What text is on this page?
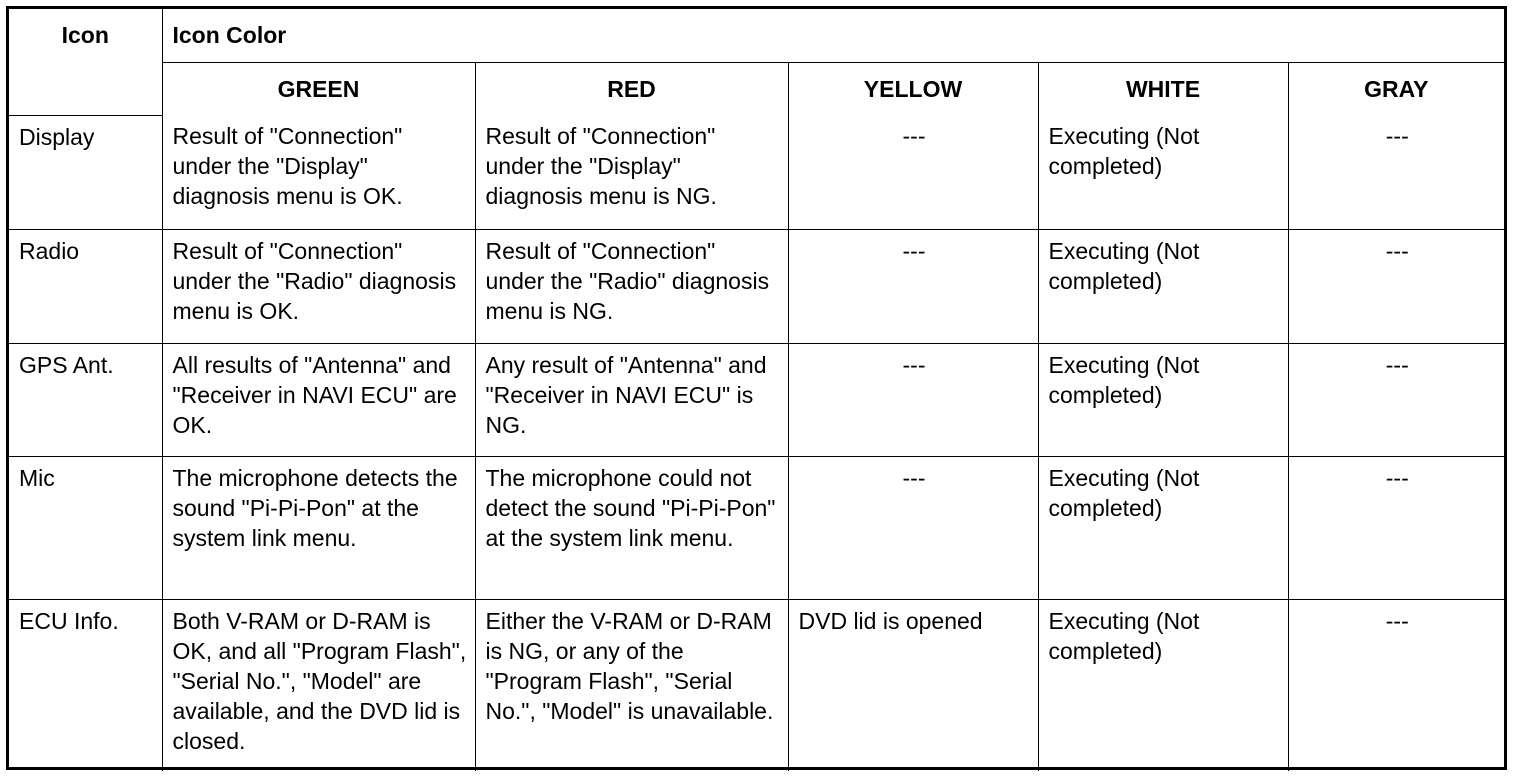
Icon	Icon Color				
	GREEN	RED	YELLOW	WHITE	GRAY
Display	Result of "Connection" under the "Display" diagnosis menu is OK.	Result of "Connection" under the "Display" diagnosis menu is NG.	---	Executing (Not completed)	---
Radio	Result of "Connection" under the "Radio" diagnosis menu is OK.	Result of "Connection" under the "Radio" diagnosis menu is NG.	---	Executing (Not completed)	---
GPS Ant.	All results of "Antenna" and "Receiver in NAVI ECU" are OK.	Any result of "Antenna" and "Receiver in NAVI ECU" is NG.	---	Executing (Not completed)	---
Mic	The microphone detects the sound "Pi-Pi-Pon" at the system link menu.	The microphone could not detect the sound "Pi-Pi-Pon" at the system link menu.	---	Executing (Not completed)	---
ECU Info.	Both V-RAM or D-RAM is OK, and all "Program Flash", "Serial No.", "Model" are available, and the DVD lid is closed.	Either the V-RAM or D-RAM is NG, or any of the "Program Flash", "Serial No.", "Model" is unavailable.	DVD lid is opened	Executing (Not completed)	---
